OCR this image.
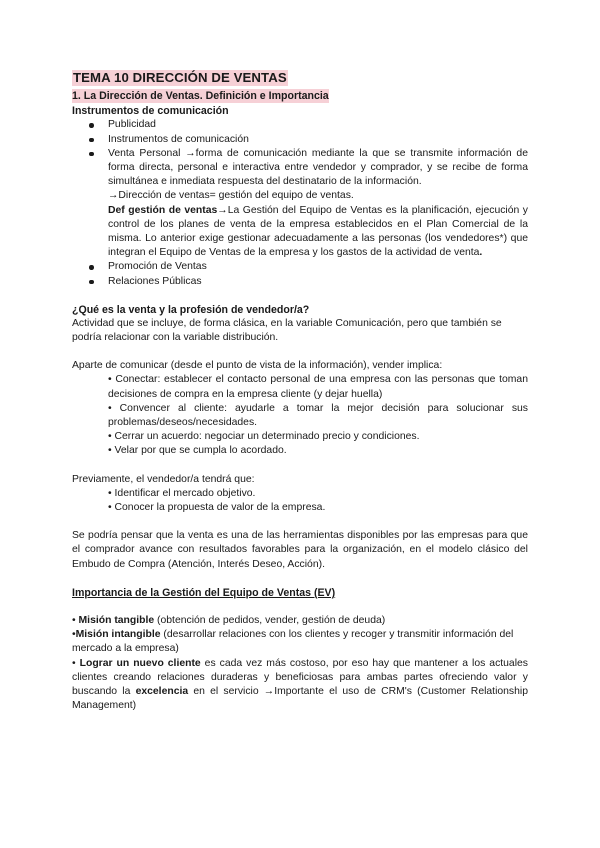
TEMA 10 DIRECCIÓN DE VENTAS
1. La Dirección de Ventas. Definición e Importancia
Instrumentos de comunicación
Publicidad
Instrumentos de comunicación
Venta Personal →forma de comunicación mediante la que se transmite información de forma directa, personal e interactiva entre vendedor y comprador, y se recibe de forma simultánea e inmediata respuesta del destinatario de la información.

→Dirección de ventas= gestión del equipo de ventas.

Def gestión de ventas→La Gestión del Equipo de Ventas es la planificación, ejecución y control de los planes de venta de la empresa establecidos en el Plan Comercial de la misma. Lo anterior exige gestionar adecuadamente a las personas (los vendedores*) que integran el Equipo de Ventas de la empresa y los gastos de la actividad de venta.

Promoción de Ventas
Relaciones Públicas
¿Qué es la venta y la profesión de vendedor/a?

Actividad que se incluye, de forma clásica, en la variable Comunicación, pero que también se podría relacionar con la variable distribución.

Aparte de comunicar (desde el punto de vista de la información), vender implica:

• Conectar: establecer el contacto personal de una empresa con las personas que toman decisiones de compra en la empresa cliente (y dejar huella)

• Convencer al cliente: ayudarle a tomar la mejor decisión para solucionar sus problemas/deseos/necesidades.

• Cerrar un acuerdo: negociar un determinado precio y condiciones.

• Velar por que se cumpla lo acordado.

Previamente, el vendedor/a tendrá que:

• Identificar el mercado objetivo.

• Conocer la propuesta de valor de la empresa.

Se podría pensar que la venta es una de las herramientas disponibles por las empresas para que el comprador avance con resultados favorables para la organización, en el modelo clásico del Embudo de Compra (Atención, Interés Deseo, Acción).

Importancia de la Gestión del Equipo de Ventas (EV)

• Misión tangible (obtención de pedidos, vender, gestión de deuda)

•Misión intangible (desarrollar relaciones con los clientes y recoger y transmitir información del mercado a la empresa)

• Lograr un nuevo cliente es cada vez más costoso, por eso hay que mantener a los actuales clientes creando relaciones duraderas y beneficiosas para ambas partes ofreciendo valor y buscando la excelencia en el servicio →Importante el uso de CRM's (Customer Relationship Management)
